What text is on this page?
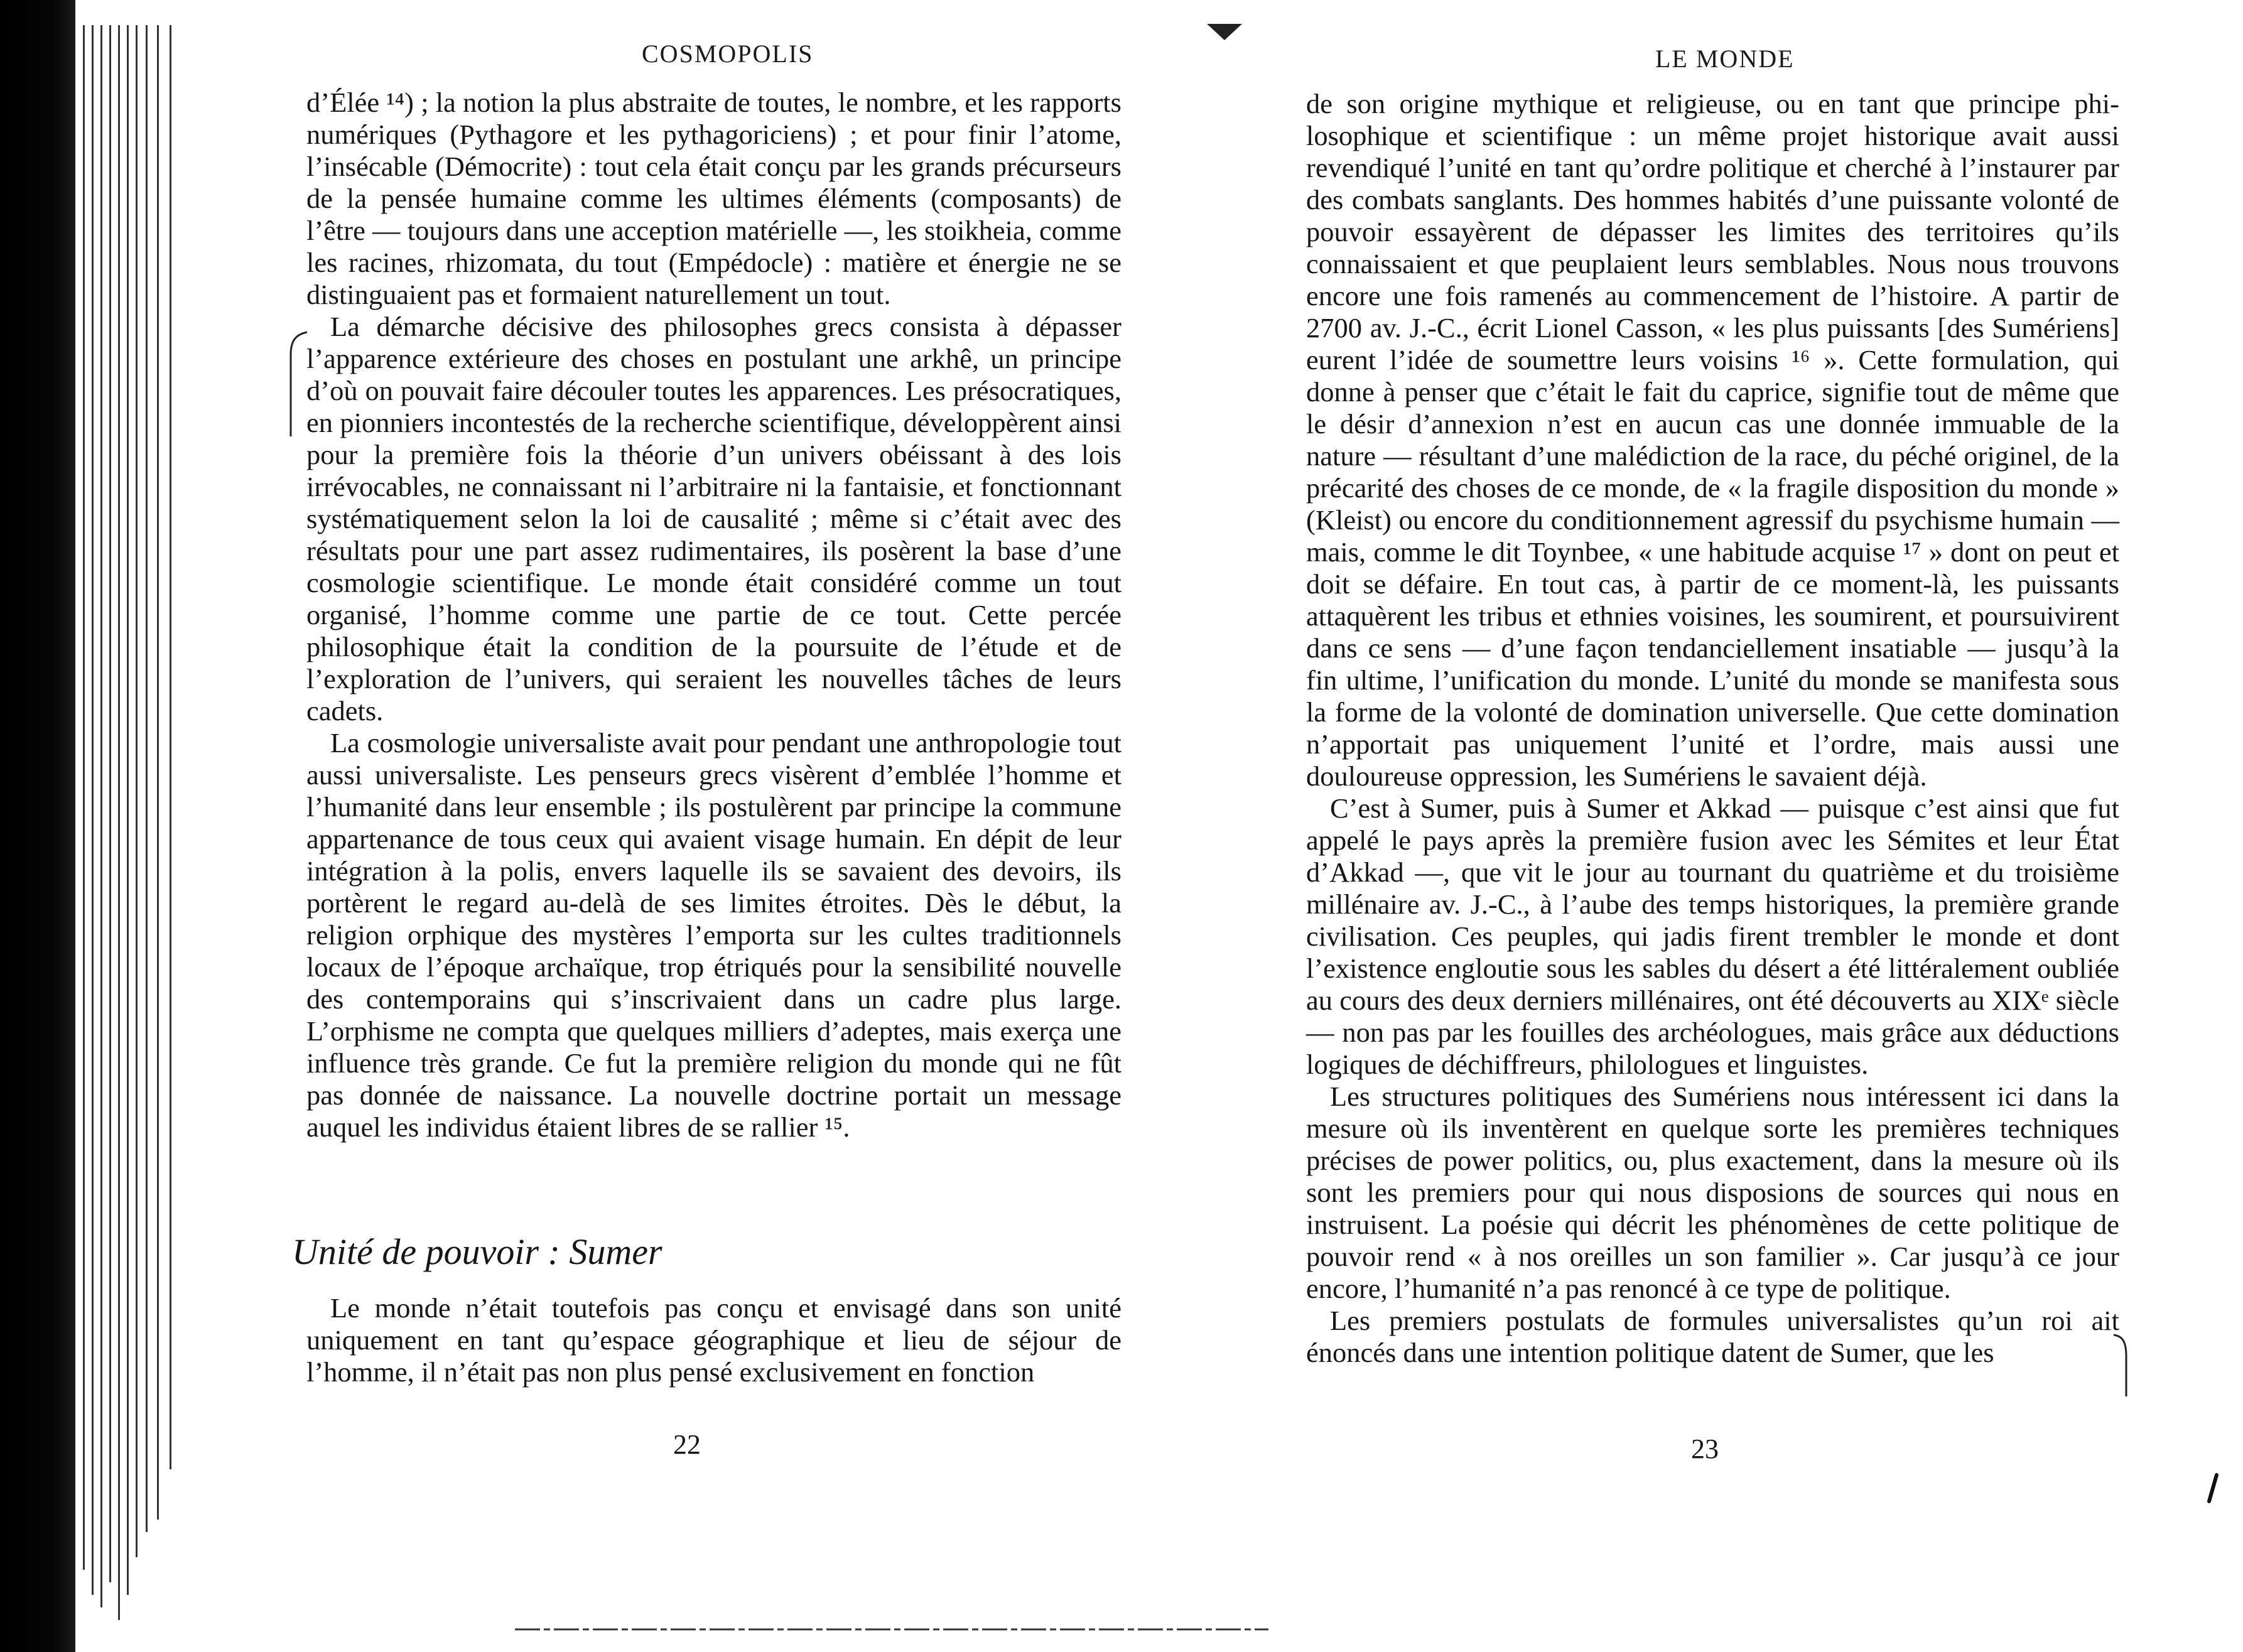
COSMOPOLIS

d’Élée ¹⁴) ; la notion la plus abstraite de toutes, le nombre, et les rapports numériques (Pythagore et les pythagoriciens) ; et pour finir l’atome, l’insécable (Démocrite) : tout cela était conçu par les grands précurseurs de la pensée humaine comme les ultimes éléments (composants) de l’être — toujours dans une acception matérielle —, les stoikheia, comme les racines, rhizomata, du tout (Empédocle) : matière et énergie ne se distinguaient pas et formaient naturellement un tout.

La démarche décisive des philosophes grecs consista à dépasser l’apparence extérieure des choses en postulant une arkhê, un principe d’où on pouvait faire découler toutes les apparences. Les présocratiques, en pionniers incontestés de la recherche scientifique, développèrent ainsi pour la première fois la théorie d’un univers obéissant à des lois irrévocables, ne connaissant ni l’arbitraire ni la fantaisie, et fonctionnant systématiquement selon la loi de causalité ; même si c’était avec des résultats pour une part assez rudimentaires, ils posèrent la base d’une cosmologie scientifique. Le monde était considéré comme un tout organisé, l’homme comme une partie de ce tout. Cette percée philosophique était la condition de la poursuite de l’étude et de l’exploration de l’univers, qui seraient les nouvelles tâches de leurs cadets.

La cosmologie universaliste avait pour pendant une anthropologie tout aussi universaliste. Les penseurs grecs visèrent d’emblée l’homme et l’humanité dans leur ensemble ; ils postulèrent par principe la commune appartenance de tous ceux qui avaient visage humain. En dépit de leur intégration à la polis, envers laquelle ils se savaient des devoirs, ils portèrent le regard au-delà de ses limites étroites. Dès le début, la religion orphique des mystères l’emporta sur les cultes traditionnels locaux de l’époque archaïque, trop étriqués pour la sensibilité nouvelle des contemporains qui s’inscrivaient dans un cadre plus large. L’orphisme ne compta que quelques milliers d’adeptes, mais exerça une influence très grande. Ce fut la première religion du monde qui ne fût pas donnée de naissance. La nouvelle doctrine portait un message auquel les individus étaient libres de se rallier ¹⁵.

Unité de pouvoir : Sumer

Le monde n’était toutefois pas conçu et envisagé dans son unité uniquement en tant qu’espace géographique et lieu de séjour de l’homme, il n’était pas non plus pensé exclusivement en fonction

22
LE MONDE

de son origine mythique et religieuse, ou en tant que principe philosophique et scientifique : un même projet historique avait aussi revendiqué l’unité en tant qu’ordre politique et cherché à l’instaurer par des combats sanglants. Des hommes habités d’une puissante volonté de pouvoir essayèrent de dépasser les limites des territoires qu’ils connaissaient et que peuplaient leurs semblables. Nous nous trouvons encore une fois ramenés au commencement de l’histoire. A partir de 2700 av. J.-C., écrit Lionel Casson, « les plus puissants [des Sumériens] eurent l’idée de soumettre leurs voisins ¹⁶ ». Cette formulation, qui donne à penser que c’était le fait du caprice, signifie tout de même que le désir d’annexion n’est en aucun cas une donnée immuable de la nature — résultant d’une malédiction de la race, du péché originel, de la précarité des choses de ce monde, de « la fragile disposition du monde » (Kleist) ou encore du conditionnement agressif du psychisme humain — mais, comme le dit Toynbee, « une habitude acquise ¹⁷ » dont on peut et doit se défaire. En tout cas, à partir de ce moment-là, les puissants attaquèrent les tribus et ethnies voisines, les soumirent, et poursuivirent dans ce sens — d’une façon tendanciellement insatiable — jusqu’à la fin ultime, l’unification du monde. L’unité du monde se manifesta sous la forme de la volonté de domination universelle. Que cette domination n’apportait pas uniquement l’unité et l’ordre, mais aussi une douloureuse oppression, les Sumériens le savaient déjà.

C’est à Sumer, puis à Sumer et Akkad — puisque c’est ainsi que fut appelé le pays après la première fusion avec les Sémites et leur État d’Akkad —, que vit le jour au tournant du quatrième et du troisième millénaire av. J.-C., à l’aube des temps historiques, la première grande civilisation. Ces peuples, qui jadis firent trembler le monde et dont l’existence engloutie sous les sables du désert a été littéralement oubliée au cours des deux derniers millénaires, ont été découverts au XIXᵉ siècle — non pas par les fouilles des archéologues, mais grâce aux déductions logiques de déchiffreurs, philologues et linguistes.

Les structures politiques des Sumériens nous intéressent ici dans la mesure où ils inventèrent en quelque sorte les premières techniques précises de power politics, ou, plus exactement, dans la mesure où ils sont les premiers pour qui nous disposions de sources qui nous en instruisent. La poésie qui décrit les phénomènes de cette politique de pouvoir rend « à nos oreilles un son familier ». Car jusqu’à ce jour encore, l’humanité n’a pas renoncé à ce type de politique.

Les premiers postulats de formules universalistes qu’un roi ait énoncés dans une intention politique datent de Sumer, que les

23
